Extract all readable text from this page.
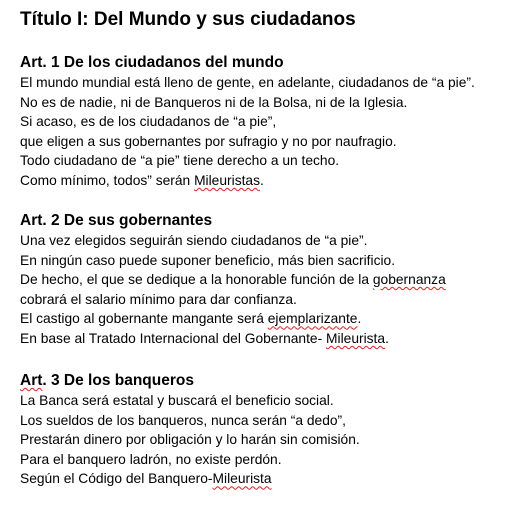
Título I: Del Mundo y sus ciudadanos
Art. 1 De los ciudadanos del mundo
El mundo mundial está lleno de gente, en adelante, ciudadanos de “a pie”.
No es de nadie, ni de Banqueros ni de la Bolsa, ni de la Iglesia.
Si acaso, es de los ciudadanos de “a pie”,
que eligen a sus gobernantes por sufragio y no por naufragio.
Todo ciudadano de “a pie” tiene derecho a un techo.
Como mínimo, todos” serán Mileuristas.
Art. 2 De sus gobernantes
Una vez elegidos seguirán siendo ciudadanos de “a pie”.
En ningún caso puede suponer beneficio, más bien sacrificio.
De hecho, el que se dedique a la honorable función de la gobernanza
cobrará el salario mínimo para dar confianza.
El castigo al gobernante mangante será ejemplarizante.
En base al Tratado Internacional del Gobernante- Mileurista.
Art. 3 De los banqueros
La Banca será estatal y buscará el beneficio social.
Los sueldos de los banqueros, nunca serán “a dedo”,
Prestarán dinero por obligación y lo harán sin comisión.
Para el banquero ladrón, no existe perdón.
Según el Código del Banquero-Mileurista
